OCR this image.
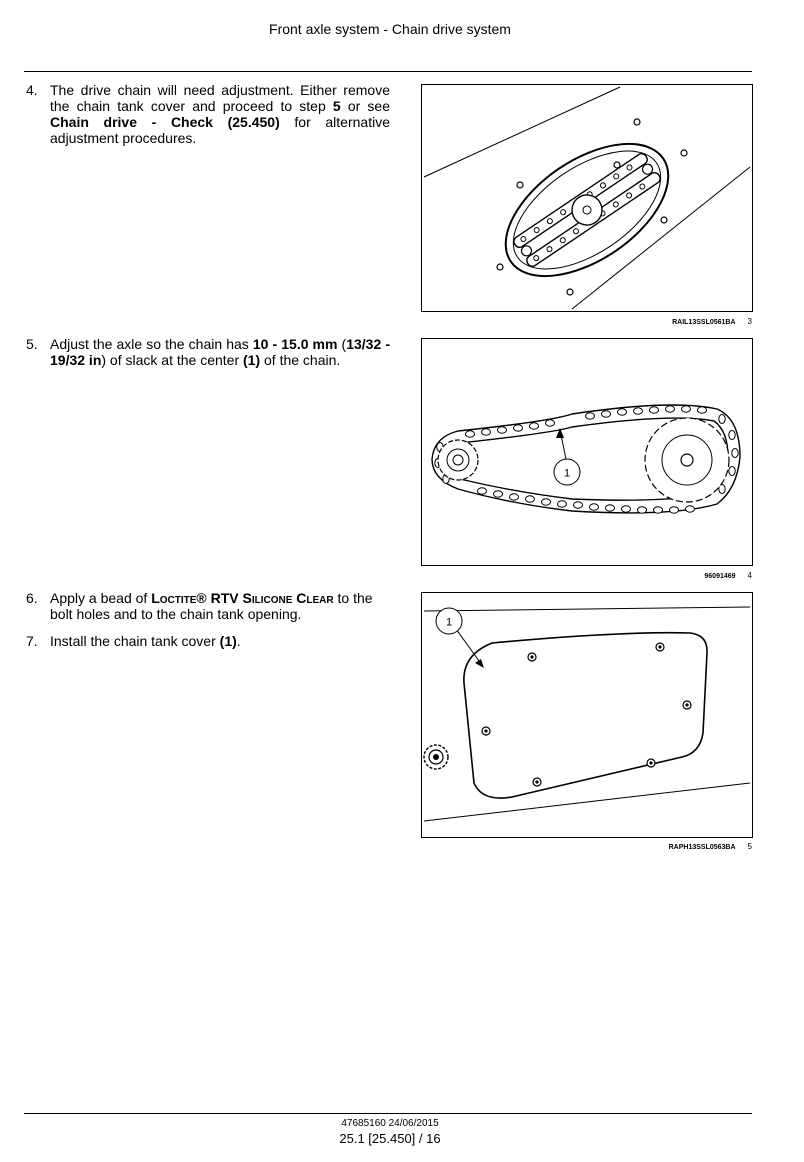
Front axle system - Chain drive system
4. The drive chain will need adjustment. Either remove the chain tank cover and proceed to step 5 or see Chain drive - Check (25.450) for alternative adjustment procedures.
5. Adjust the axle so the chain has 10 - 15.0 mm (13/32 - 19/32 in) of slack at the center (1) of the chain.
6. Apply a bead of Loctite® RTV Silicone Clear to the bolt holes and to the chain tank opening.
7. Install the chain tank cover (1).
RAIL13SSL0561BA 3
1
96091469 4
1
RAPH13SSL0563BA 5
47685160 24/06/2015
25.1 [25.450] / 16
